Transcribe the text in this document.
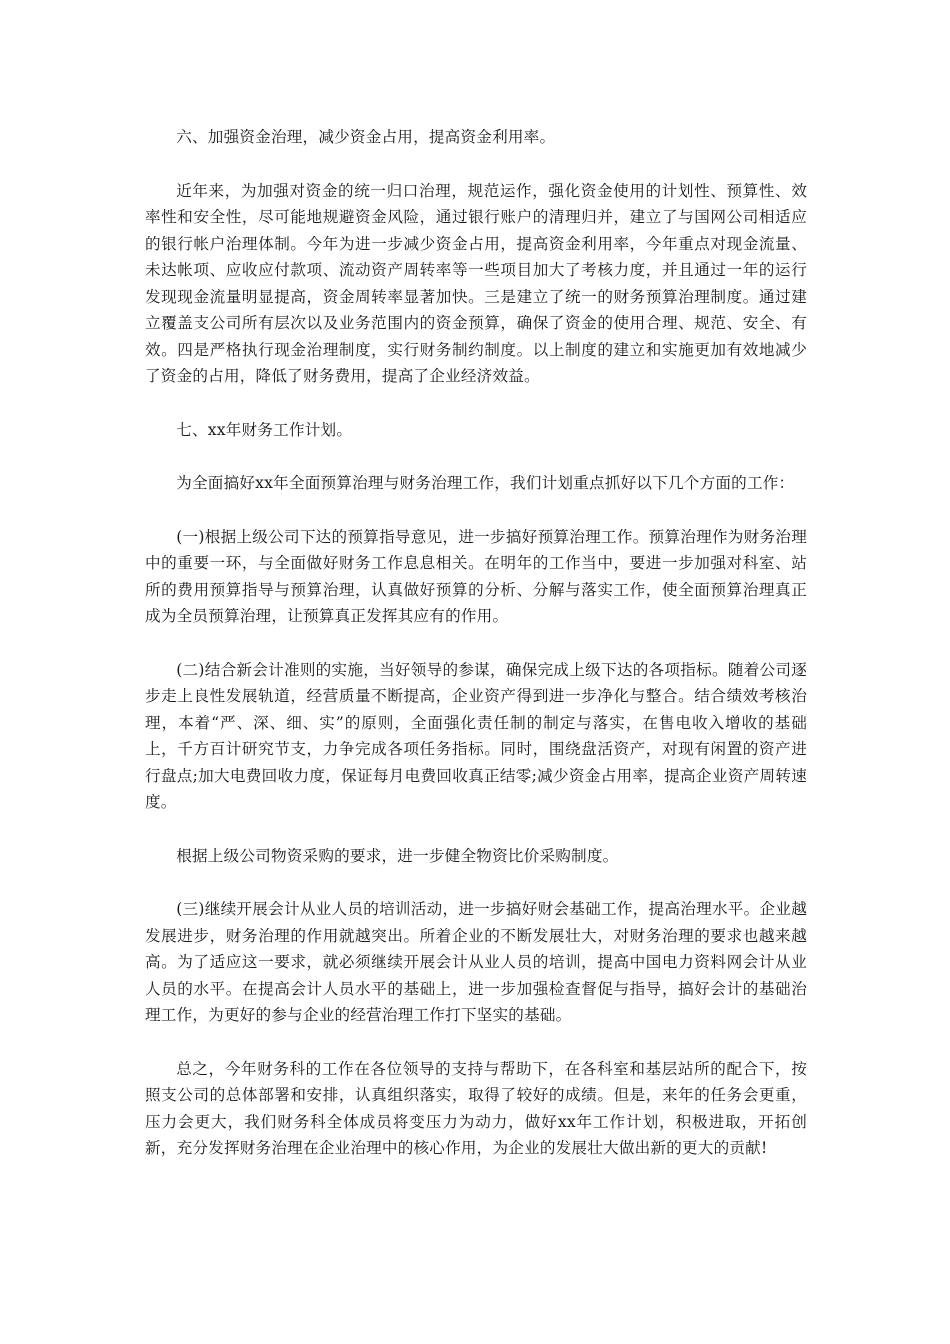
六、加强资金治理，减少资金占用，提高资金利用率。

近年来，为加强对资金的统一归口治理，规范运作，强化资金使用的计划性、预算性、效率性和安全性，尽可能地规避资金风险，通过银行账户的清理归并，建立了与国网公司相适应的银行帐户治理体制。今年为进一步减少资金占用，提高资金利用率，今年重点对现金流量、未达帐项、应收应付款项、流动资产周转率等一些项目加大了考核力度，并且通过一年的运行发现现金流量明显提高，资金周转率显著加快。三是建立了统一的财务预算治理制度。通过建立覆盖支公司所有层次以及业务范围内的资金预算，确保了资金的使用合理、规范、安全、有效。四是严格执行现金治理制度，实行财务制约制度。以上制度的建立和实施更加有效地减少了资金的占用，降低了财务费用，提高了企业经济效益。

七、xx年财务工作计划。

为全面搞好xx年全面预算治理与财务治理工作，我们计划重点抓好以下几个方面的工作：

(一)根据上级公司下达的预算指导意见，进一步搞好预算治理工作。预算治理作为财务治理中的重要一环，与全面做好财务工作息息相关。在明年的工作当中，要进一步加强对科室、站所的费用预算指导与预算治理，认真做好预算的分析、分解与落实工作，使全面预算治理真正成为全员预算治理，让预算真正发挥其应有的作用。

(二)结合新会计准则的实施，当好领导的参谋，确保完成上级下达的各项指标。随着公司逐步走上良性发展轨道，经营质量不断提高，企业资产得到进一步净化与整合。结合绩效考核治理，本着“严、深、细、实”的原则，全面强化责任制的制定与落实，在售电收入增收的基础上，千方百计研究节支，力争完成各项任务指标。同时，围绕盘活资产，对现有闲置的资产进行盘点;加大电费回收力度，保证每月电费回收真正结零;减少资金占用率，提高企业资产周转速度。

根据上级公司物资采购的要求，进一步健全物资比价采购制度。

(三)继续开展会计从业人员的培训活动，进一步搞好财会基础工作，提高治理水平。企业越发展进步，财务治理的作用就越突出。所着企业的不断发展壮大，对财务治理的要求也越来越高。为了适应这一要求，就必须继续开展会计从业人员的培训，提高中国电力资料网会计从业人员的水平。在提高会计人员水平的基础上，进一步加强检查督促与指导，搞好会计的基础治理工作，为更好的参与企业的经营治理工作打下坚实的基础。

总之，今年财务科的工作在各位领导的支持与帮助下，在各科室和基层站所的配合下，按照支公司的总体部署和安排，认真组织落实，取得了较好的成绩。但是，来年的任务会更重，压力会更大，我们财务科全体成员将变压力为动力，做好xx年工作计划，积极进取，开拓创新，充分发挥财务治理在企业治理中的核心作用，为企业的发展壮大做出新的更大的贡献!
